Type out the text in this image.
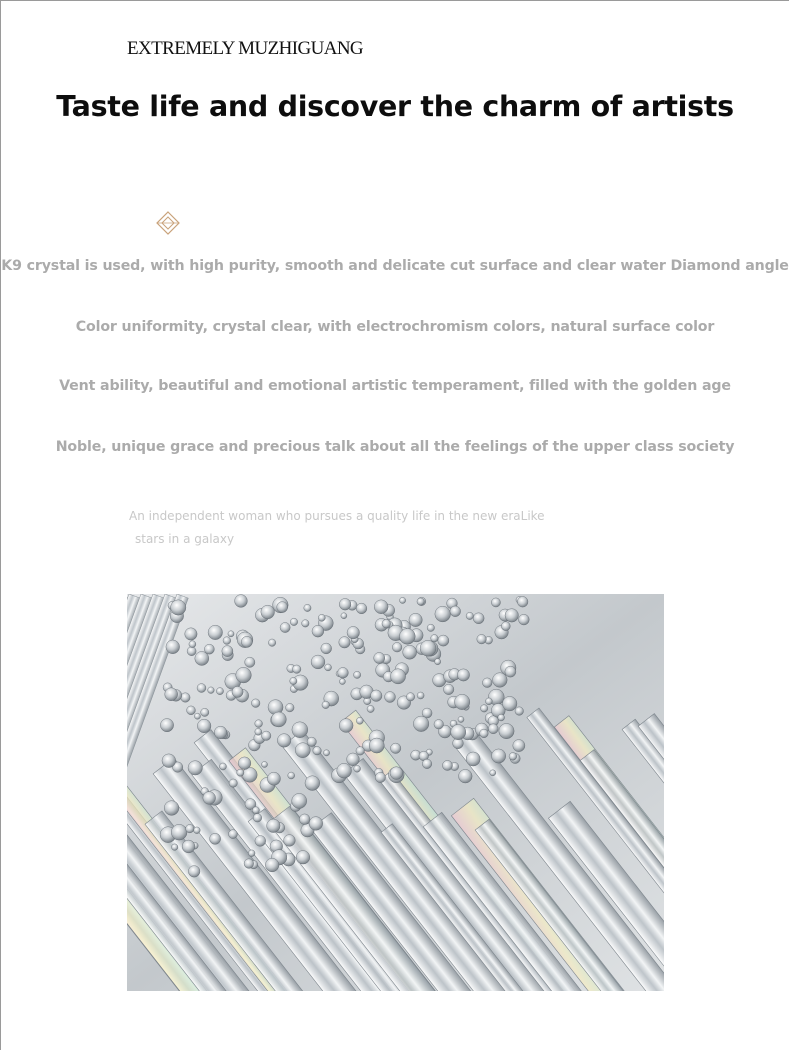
EXTREMELY MUZHIGUANG
Taste life and discover the charm of artists
K9 crystal is used, with high purity, smooth and delicate cut surface and clear water Diamond angle
Color uniformity, crystal clear, with electrochromism colors, natural surface color
Vent ability, beautiful and emotional artistic temperament, filled with the golden age
Noble, unique grace and precious talk about all the feelings of the upper class society
An independent woman who pursues a quality life in the new eraLike
stars in a galaxy
